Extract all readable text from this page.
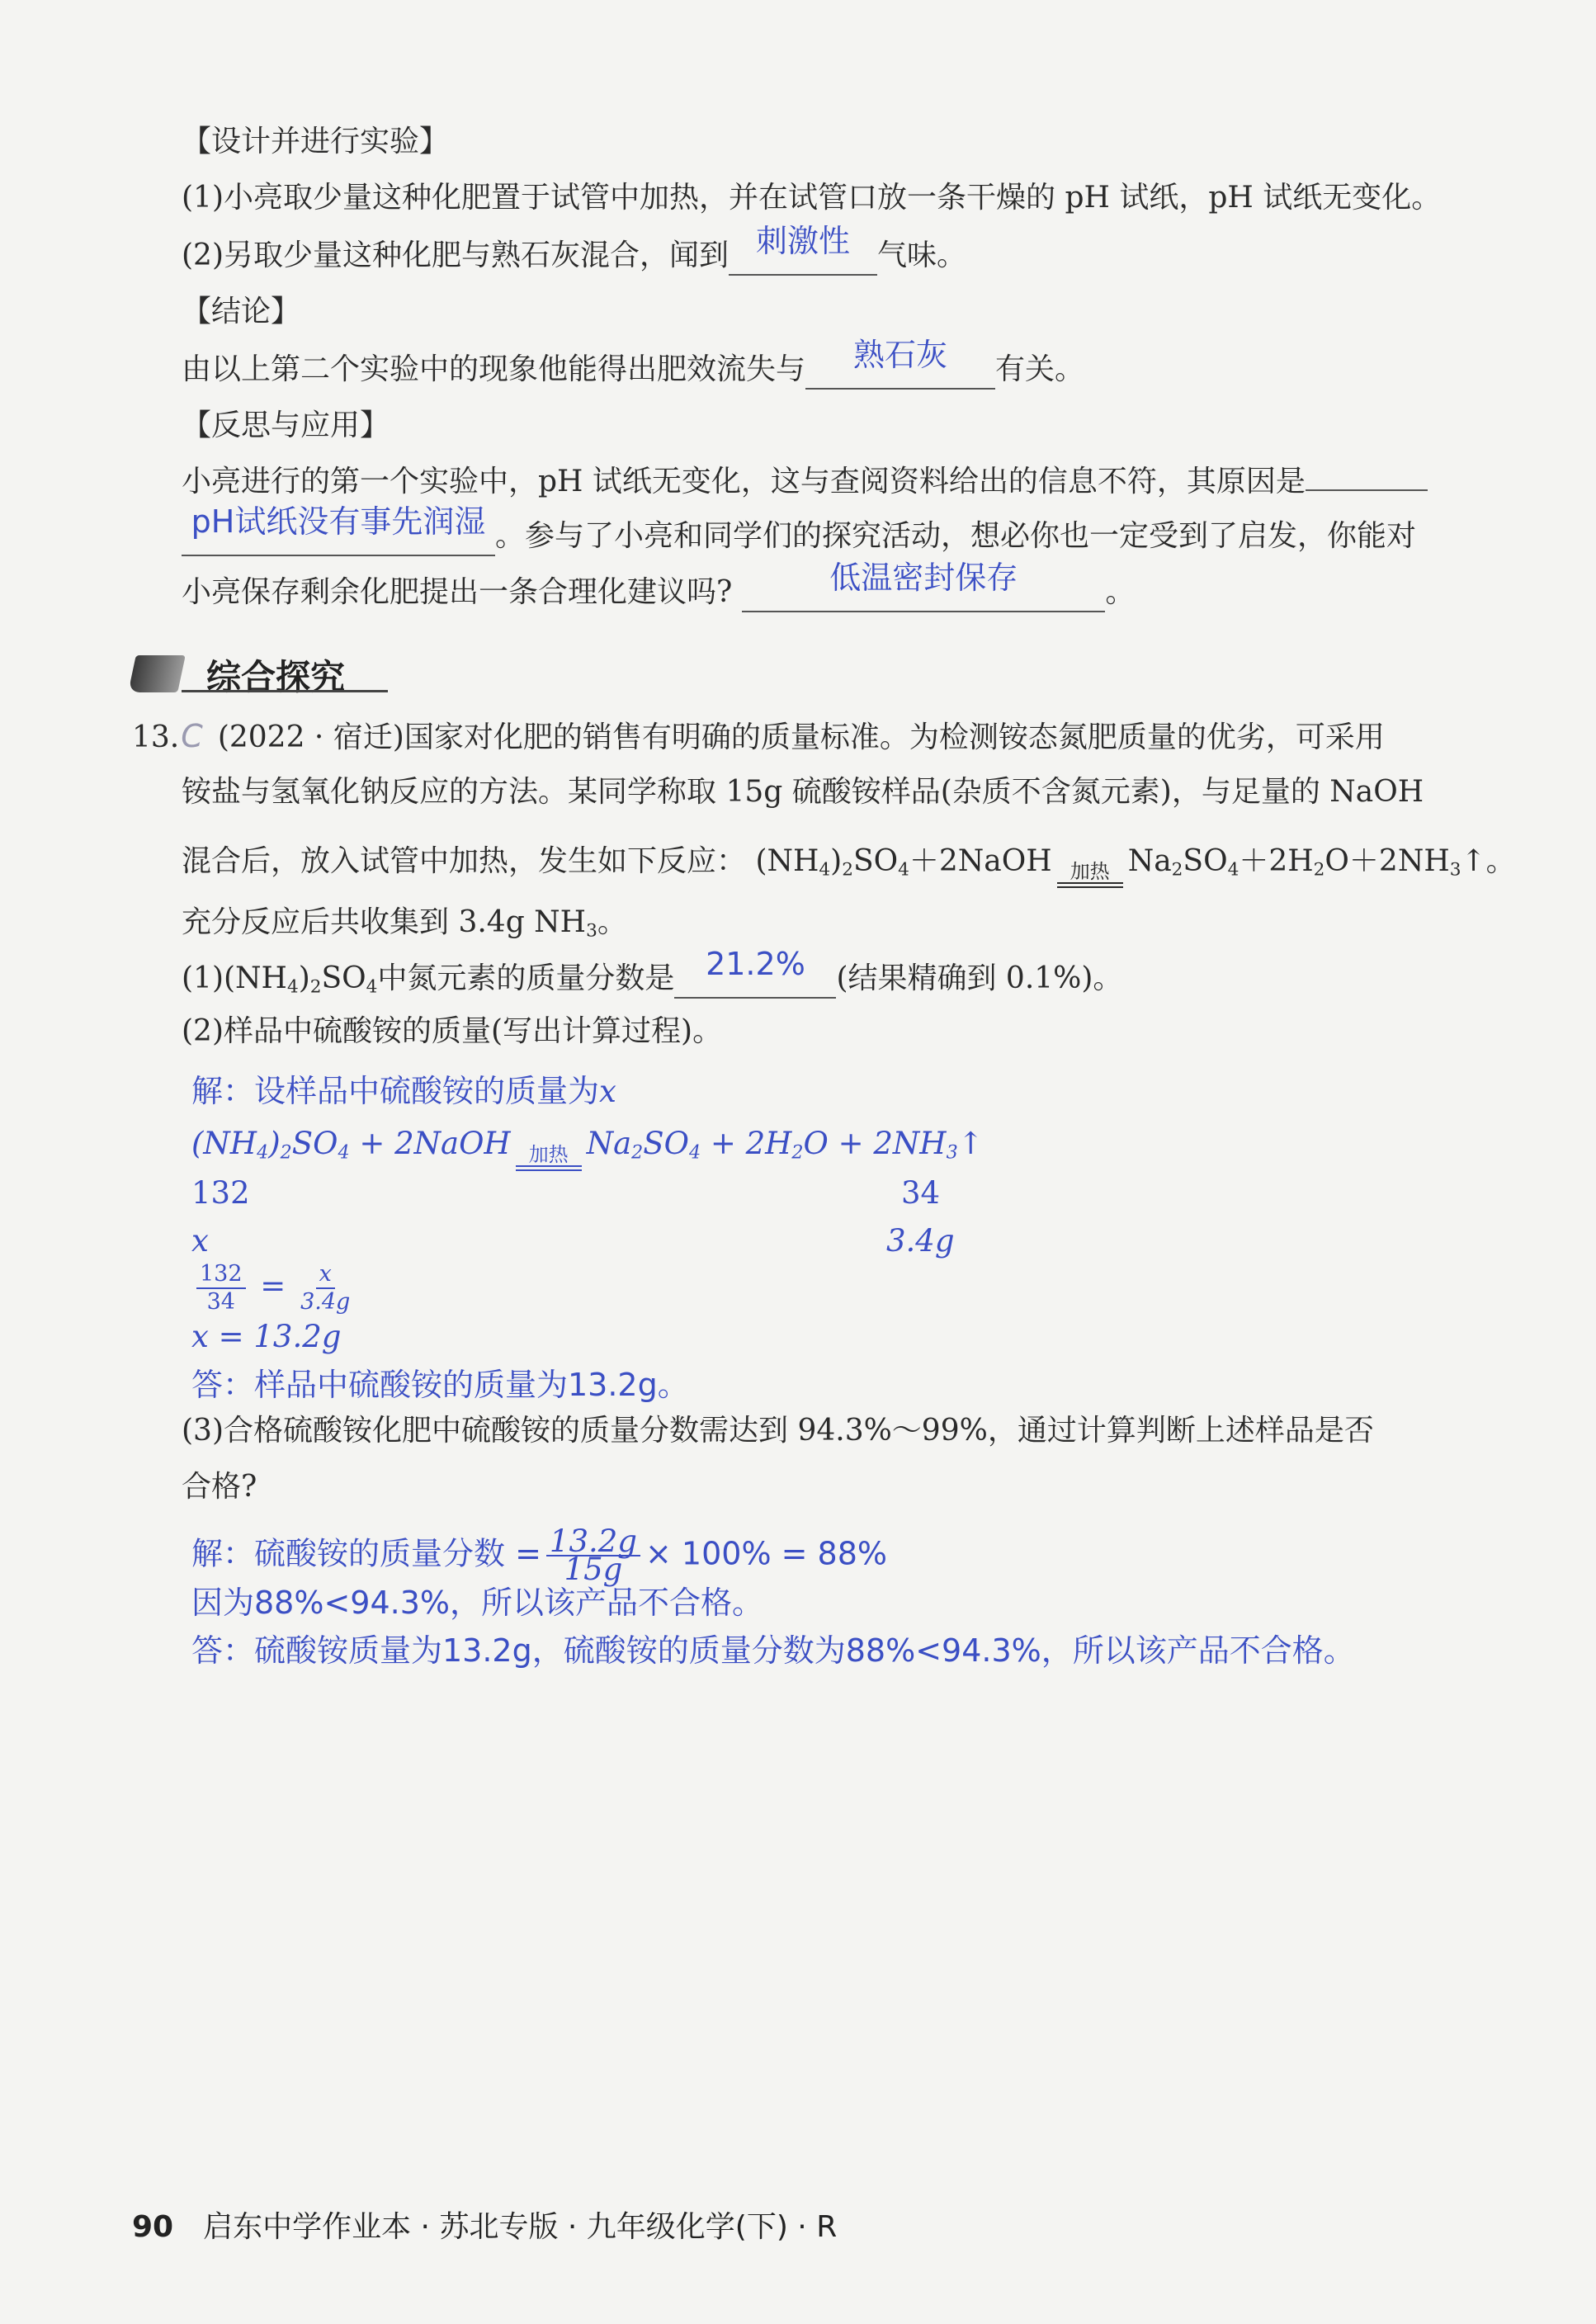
【设计并进行实验】
(1)小亮取少量这种化肥置于试管中加热，并在试管口放一条干燥的 pH 试纸，pH 试纸无变化。
(2)另取少量这种化肥与熟石灰混合，闻到 刺激性 气味。
【结论】
由以上第二个实验中的现象他能得出肥效流失与 熟石灰 有关。
【反思与应用】
小亮进行的第一个实验中，pH 试纸无变化，这与查阅资料给出的信息不符，其原因是
pH试纸没有事先润湿 。参与了小亮和同学们的探究活动，想必你也一定受到了启发，你能对
小亮保存剩余化肥提出一条合理化建议吗?	低温密封保存	。
综合探究
13.C (2022 · 宿迁)国家对化肥的销售有明确的质量标准。为检测铵态氮肥质量的优劣，可采用
铵盐与氢氧化钠反应的方法。某同学称取 15g 硫酸铵样品(杂质不含氮元素)，与足量的 NaOH
混合后，放入试管中加热，发生如下反应： $(NH_4)_2SO_4+2NaOH$ 加热 $Na_2SO_4+2H_2O+2NH_3↑$。
充分反应后共收集到 3.4g $NH_3$。
$(1)(NH_4)_2SO_4$中氮元素的质量分数是 21.2% (结果精确到 0.1%)。
(2)样品中硫酸铵的质量(写出计算过程)。
解：设样品中硫酸铵的质量为x
$(NH_4)_2SO_4$ + 2NaOH 加热 $Na_2SO_4 + 2H_2O$ + $2NH_3↑$
132	34
x	3.4g
$\frac{132}{34} = \frac{x}{3.4g}$
x = 13.2g
答：样品中硫酸铵的质量为13.2g。
(3)合格硫酸铵化肥中硫酸铵的质量分数需达到 94.3%～99%，通过计算判断上述样品是否
合格?
解：硫酸铵的质量分数 = $\frac{13.2g}{15g} \times 100\% = 88\%$
因为88%<94.3%，所以该产品不合格。
答：硫酸铵质量为13.2g，硫酸铵的质量分数为88%<94.3%，所以该产品不合格。
90 启东中学作业本 · 苏北专版 · 九年级化学(下) · R
